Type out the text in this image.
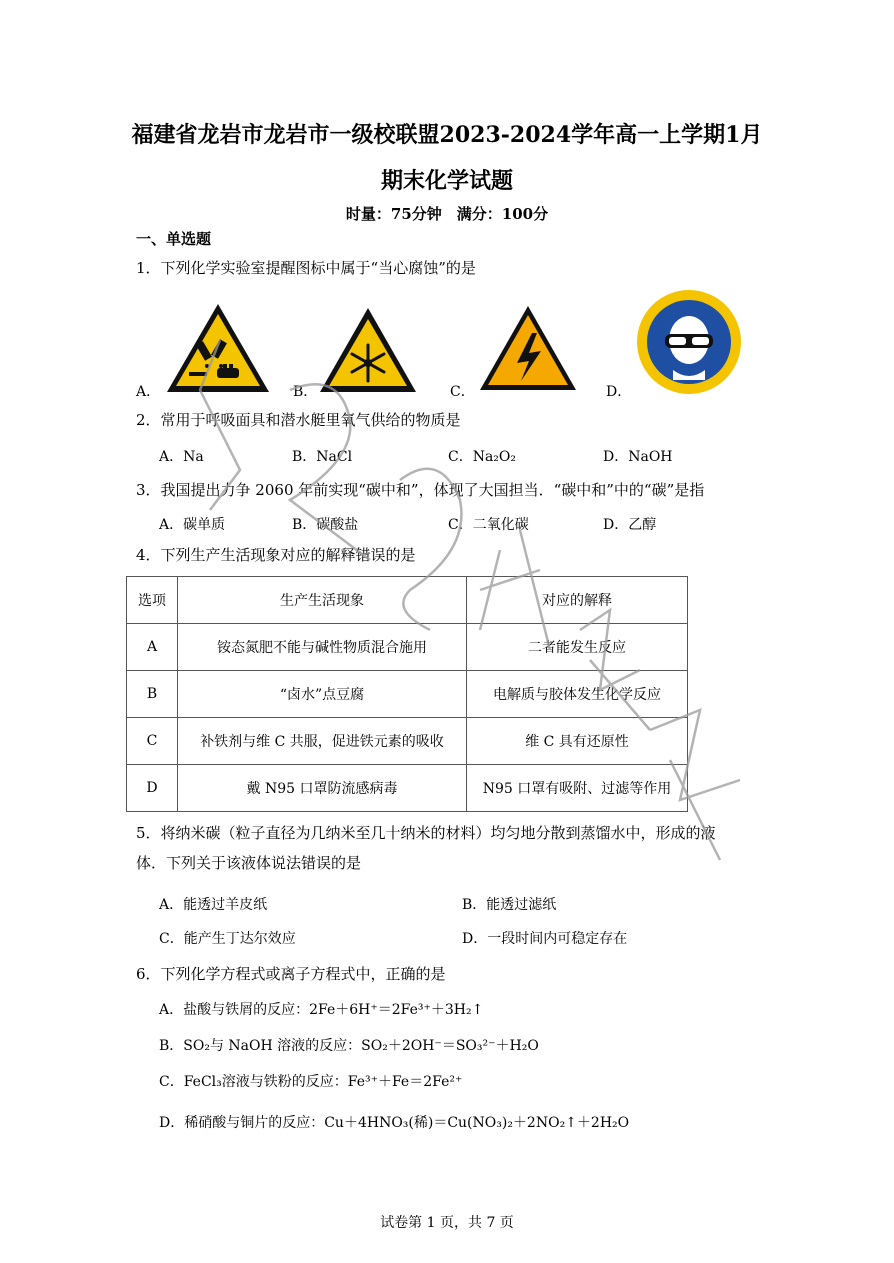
福建省龙岩市龙岩市一级校联盟2023-2024学年高一上学期1月
期末化学试题
时量：75分钟　满分：100分
一、单选题
1．下列化学实验室提醒图标中属于“当心腐蚀”的是
A．	B．	C．	D．
2．常用于呼吸面具和潜水艇里氧气供给的物质是
A．Na	B．NaCl	C．Na₂O₂	D．NaOH
3．我国提出力争 2060 年前实现“碳中和”，体现了大国担当．“碳中和”中的“碳”是指
A．碳单质	B．碳酸盐	C．二氧化碳	D．乙醇
4．下列生产生活现象对应的解释错误的是
选项	生产生活现象	对应的解释
A	铵态氮肥不能与碱性物质混合施用	二者能发生反应
B	“卤水”点豆腐	电解质与胶体发生化学反应
C	补铁剂与维 C 共服，促进铁元素的吸收	维 C 具有还原性
D	戴 N95 口罩防流感病毒	N95 口罩有吸附、过滤等作用
5．将纳米碳（粒子直径为几纳米至几十纳米的材料）均匀地分散到蒸馏水中，形成的液
体．下列关于该液体说法错误的是
A．能透过羊皮纸	B．能透过滤纸
C．能产生丁达尔效应	D．一段时间内可稳定存在
6．下列化学方程式或离子方程式中，正确的是
A．盐酸与铁屑的反应：2Fe＋6H⁺＝2Fe³⁺＋3H₂↑
B．SO₂与 NaOH 溶液的反应：SO₂＋2OH⁻＝SO₃²⁻＋H₂O
C．FeCl₃溶液与铁粉的反应：Fe³⁺＋Fe＝2Fe²⁺
D．稀硝酸与铜片的反应：Cu＋4HNO₃(稀)＝Cu(NO₃)₂＋2NO₂↑＋2H₂O
试卷第 1 页，共 7 页
